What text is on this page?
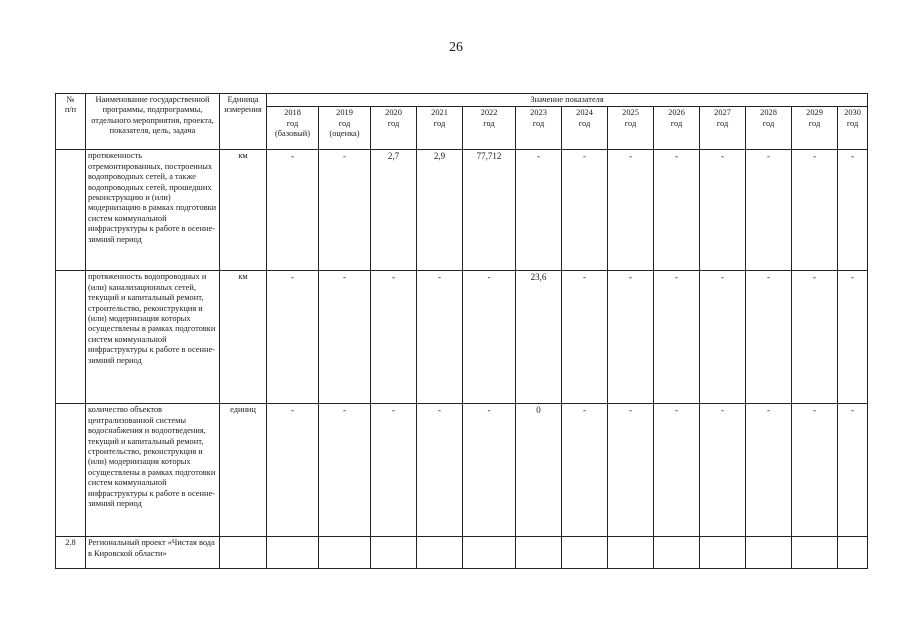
26
№
п/п	Наименование государственной программы, подпрограммы, отдельного мероприятия, проекта, показателя, цель, задача	Единица измерения	Значение показателя												
			2018
год
(базовый)	2019
год
(оценка)	2020
год	2021
год	2022
год	2023
год	2024
год	2025
год	2026
год	2027
год	2028
год	2029
год	2030
год
	протяженность отремонтированных, построенных водопроводных сетей, а также водопроводных сетей, прошедших реконструкцию и (или) модернизацию в рамках подготовки систем коммунальной инфраструктуры к работе в осенне-зимний период	км	-	-	2,7	2,9	77,712	-	-	-	-	-	-	-	-
	протяженность водопроводных и (или) канализационных сетей, текущий и капитальный ремонт, строительство, реконструкция и (или) модернизация которых осуществлены в рамках подготовки систем коммунальной инфраструктуры к работе в осенне-зимний период	км	-	-	-	-	-	23,6	-	-	-	-	-	-	-
	количество объектов централизованной системы водоснабжения и водоотведения, текущий и капитальный ремонт, строительство, реконструкция и (или) модернизация которых осуществлены в рамках подготовки систем коммунальной инфраструктуры к работе в осенне-зимний период	единиц	-	-	-	-	-	0	-	-	-	-	-	-	-
2.8	Региональный проект «Чистая вода в Кировской области»														
